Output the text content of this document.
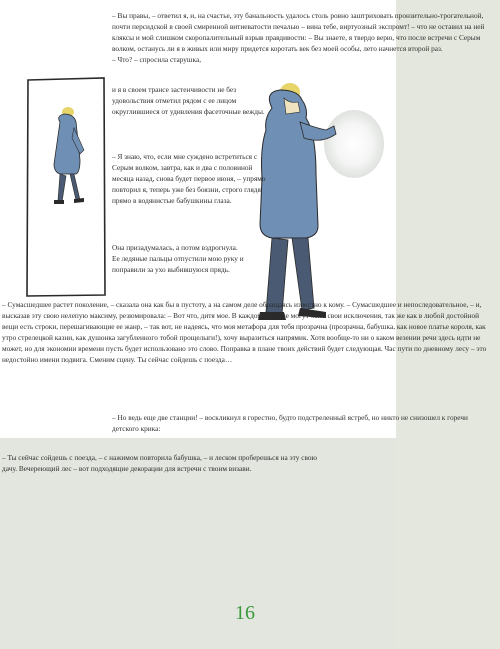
– Вы правы, – ответил я, и, на счастье, эту банальность удалось столь ровно заштриховать пронзительно-трогательной, почти персидской в своей смиренной витиеватости печалью – вина тебе, виртуозный экспромт! – что не оставил на ней кляксы и мой слишком скоропалительный взрыв правдивости: – Вы знаете, я твердо верю, что после встречи с Серым волком, останусь ли я в живых или миру придется коротать век без моей особы, лето начнется второй раз.

– Что? – спросила старушка,

и я в своем трансе застенчивости не без удовольствия отметил рядом с ее лицом округлившиеся от удивления фасеточные вежды.

– Я знаю, что, если мне суждено встретиться с Серым волком, завтра, как и два с половиной месяца назад, снова будет первое июня, – упрямо повторил я, теперь уже без боязни, строго глядя прямо в водянистые бабушкины глаза.

Она призадумалась, а потом вздрогнула. Ее ледяные пальцы отпустили мою руку и поправили за ухо выбившуюся прядь.

– Сумасшедшее растет поколение, – сказала она как бы в пустоту, а на самом деле обращаясь известно к кому. – Сумасшедшее и непоследовательное, – и, высказав эту свою нелепую максиму, резюмировала: – Вот что, дитя мое. В каждом правиле могут быть свои исключения, так же как в любой достойной вещи есть строки, перешагивающие ее жанр, – так вот, не надеясь, что моя метафора для тебя прозрачна (прозрачна, бабушка, как новое платье короля, как утро стрелецкой казни, как душонка загубленного тобой прощелыги!), хочу выразиться напрямик. Хотя вообще-то ни о каком везении речи здесь идти не может, но для экономии времени пусть будет использовано это слово. Поправка в плане твоих действий будет следующая. Час пути по дневному лесу – это недостойно имени подвига. Сменим сцену. Ты сейчас сойдешь с поезда…

– Но ведь еще две станции! – воскликнул я горестно, будто подстреленный ястреб, но никто не снизошел к горечи детского крика:

– Ты сейчас сойдешь с поезда, – с нажимом повторила бабушка, – и леском проберешься на эту свою дачу. Вечереющий лес – вот подходящие декорации для встречи с твоим визави.

16
